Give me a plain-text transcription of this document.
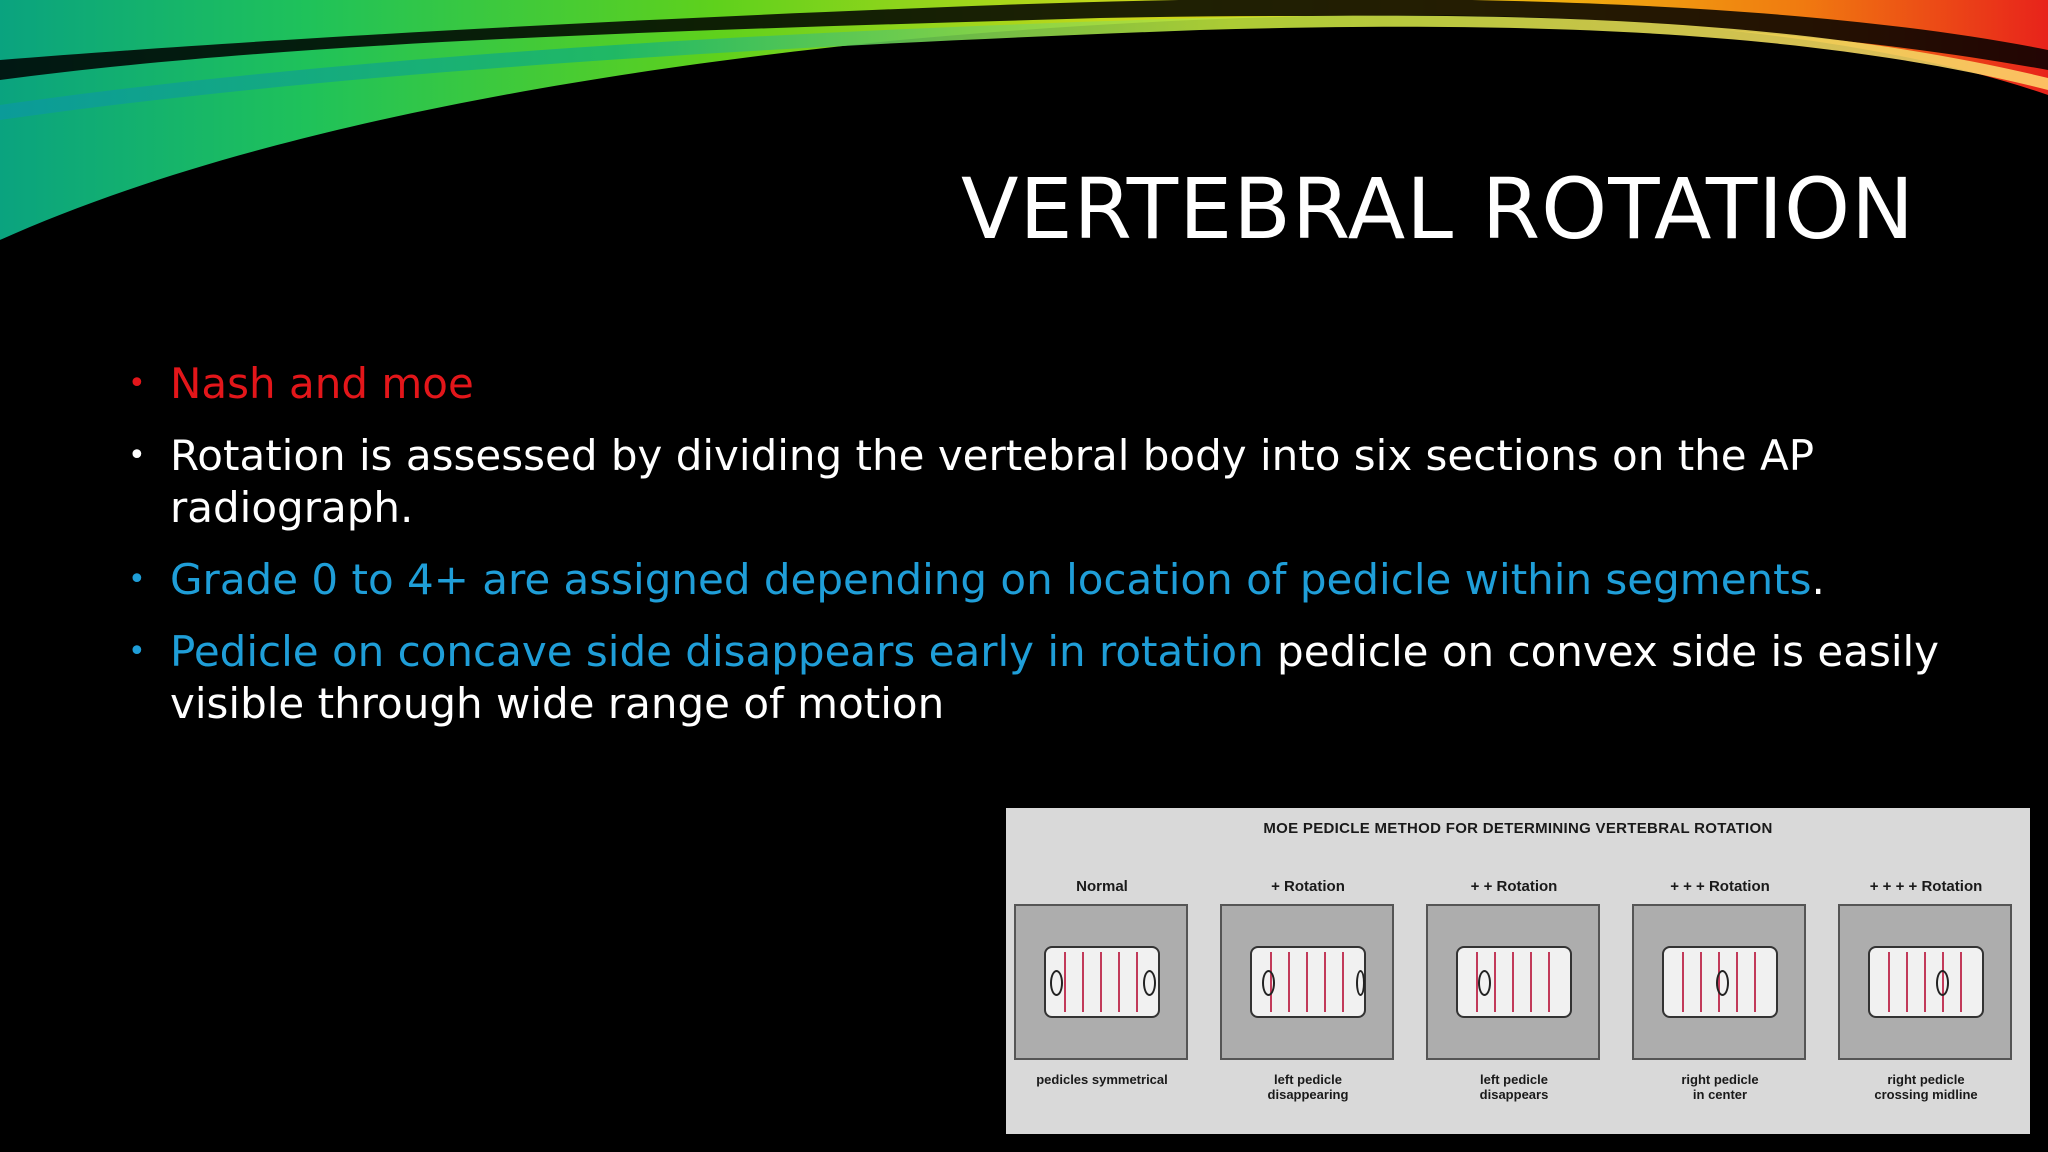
VERTEBRAL ROTATION
• Nash and moe
• Rotation is assessed by dividing the vertebral body into six sections on the AP radiograph.
• Grade 0 to 4+ are assigned depending on location of pedicle within segments.
• Pedicle on concave side disappears early in rotation pedicle on convex side is easily visible through wide range of motion
MOE PEDICLE METHOD FOR DETERMINING VERTEBRAL ROTATION
Normal
pedicles symmetrical
+ Rotation
left pedicle
disappearing
+ + Rotation
left pedicle
disappears
+ + + Rotation
right pedicle
in center
+ + + + Rotation
right pedicle
crossing midline
